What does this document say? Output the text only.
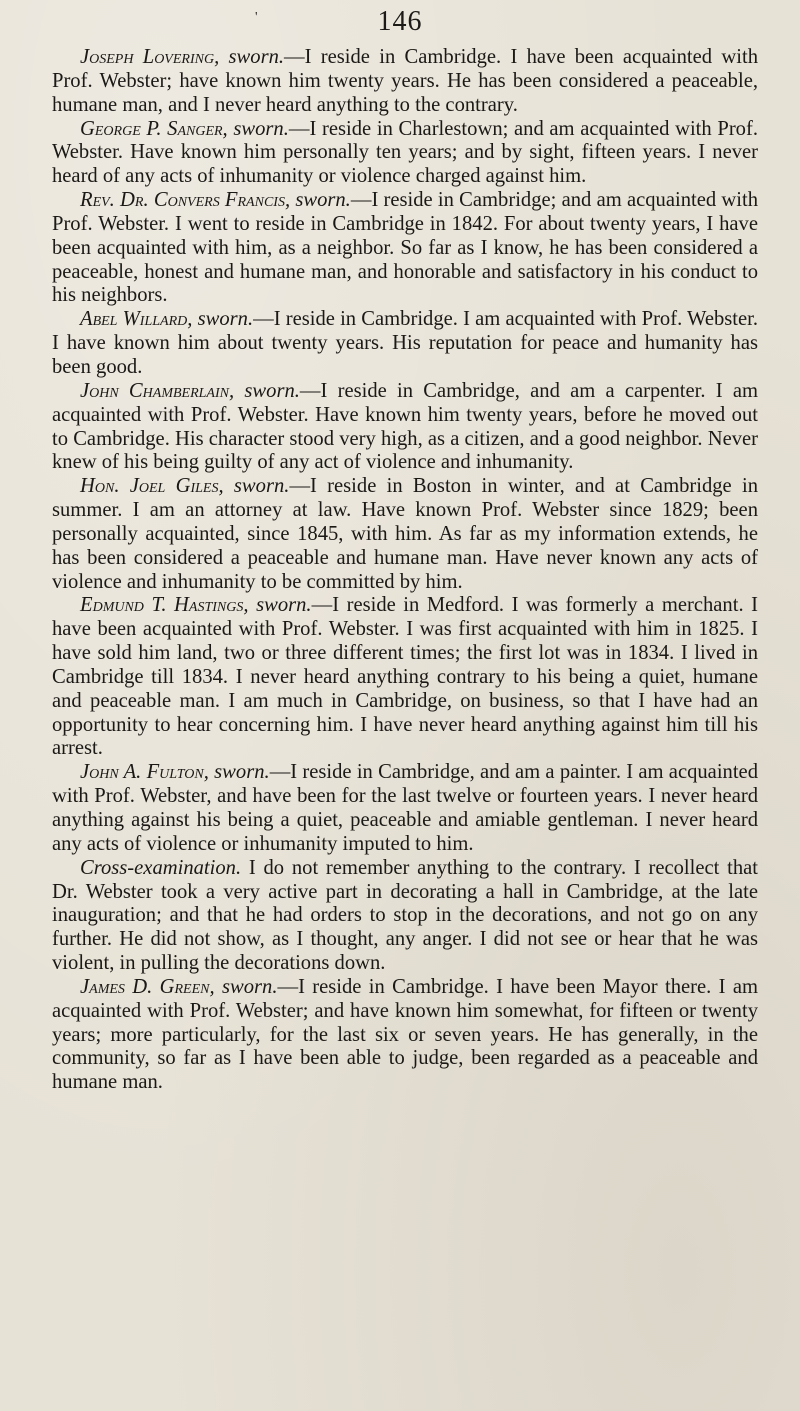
'	146

Joseph Lovering, sworn.—I reside in Cambridge. I have been acquainted with Prof. Webster; have known him twenty years. He has been considered a peaceable, humane man, and I never heard anything to the contrary.

George P. Sanger, sworn.—I reside in Charlestown; and am acquainted with Prof. Webster. Have known him personally ten years; and by sight, fifteen years. I never heard of any acts of inhumanity or violence charged against him.

Rev. Dr. Convers Francis, sworn.—I reside in Cambridge; and am acquainted with Prof. Webster. I went to reside in Cambridge in 1842. For about twenty years, I have been acquainted with him, as a neighbor. So far as I know, he has been considered a peaceable, honest and humane man, and honorable and satisfactory in his conduct to his neighbors.

Abel Willard, sworn.—I reside in Cambridge. I am acquainted with Prof. Webster. I have known him about twenty years. His reputation for peace and humanity has been good.

John Chamberlain, sworn.—I reside in Cambridge, and am a carpenter. I am acquainted with Prof. Webster. Have known him twenty years, before he moved out to Cambridge. His character stood very high, as a citizen, and a good neighbor. Never knew of his being guilty of any act of violence and inhumanity.

Hon. Joel Giles, sworn.—I reside in Boston in winter, and at Cambridge in summer. I am an attorney at law. Have known Prof. Webster since 1829; been personally acquainted, since 1845, with him. As far as my information extends, he has been considered a peaceable and humane man. Have never known any acts of violence and inhumanity to be committed by him.

Edmund T. Hastings, sworn.—I reside in Medford. I was formerly a merchant. I have been acquainted with Prof. Webster. I was first acquainted with him in 1825. I have sold him land, two or three different times; the first lot was in 1834. I lived in Cambridge till 1834. I never heard anything contrary to his being a quiet, humane and peaceable man. I am much in Cambridge, on business, so that I have had an opportunity to hear concerning him. I have never heard anything against him till his arrest.

John A. Fulton, sworn.—I reside in Cambridge, and am a painter. I am acquainted with Prof. Webster, and have been for the last twelve or fourteen years. I never heard anything against his being a quiet, peaceable and amiable gentleman. I never heard any acts of violence or inhumanity imputed to him.

Cross-examination. I do not remember anything to the contrary. I recollect that Dr. Webster took a very active part in decorating a hall in Cambridge, at the late inauguration; and that he had orders to stop in the decorations, and not go on any further. He did not show, as I thought, any anger. I did not see or hear that he was violent, in pulling the decorations down.

James D. Green, sworn.—I reside in Cambridge. I have been Mayor there. I am acquainted with Prof. Webster; and have known him somewhat, for fifteen or twenty years; more particularly, for the last six or seven years. He has generally, in the community, so far as I have been able to judge, been regarded as a peaceable and humane man.
